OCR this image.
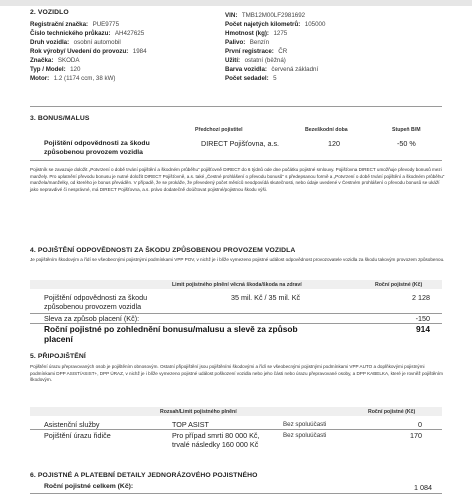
2. VOZIDLO
Registrační značka: PUE9775
Číslo technického průkazu: AH427625
Druh vozidla: osobní automobil
Rok výroby/ Uvedení do provozu: 1984
Značka: SKODA
Typ / Model: 120
Motor: 1.2 (1174 ccm, 38 kW)
VIN: TMB12M00LF2981692
Počet najetých kilometrů: 105000
Hmotnost (kg): 1275
Palivo: Benzín
První registrace: ČR
Užití: ostatní (běžná)
Barva vozidla: červená základní
Počet sedadel: 5
3. BONUS/MALUS
Předchozí pojistitel	Bezeškodní doba	Stupeň B/M
Pojištění odpovědnosti za škodu
způsobenou provozem vozidla
DIRECT Pojišťovna, a.s.	120	-50 %
Pojistník se zavazuje doložit „Potvrzení o době trvání pojištění a škodném průběhu“ pojišťovně DIRECT do 6 týdnů ode dne počátku pojistné smlouvy. Pojišťovna DIRECT umožňuje převody bonusů mezi manžely. Pro uplatnění převodu bonusu je nutné doložit DIRECT Pojišťovně, a.s. také „Čestné prohlášení o převodu bonusů“ s předepsanou formě a „Potvrzení o době trvání pojištění a škodném průběhu“ manžela/manželky, od kterého je bonus převáděn. V případě, že se prokáže, že převedený počet měsíců neodpovídá skutečnosti, nebo údaje uvedené v Čestném prohlášení o převodu bonusů se ukáží jako nepravdivé či nesprávné, má DIRECT Pojišťovna, a.s. právo dodatečně doúčtovat pojistné/pojistnou škodu výši.
4. POJIŠTĚNÍ ODPOVĚDNOSTI ZA ŠKODU ZPŮSOBENOU PROVOZEM VOZIDLA
Je pojištěním škodovým a řídí se všeobecnými pojistnými podmínkami VPP POV, v nichž je i blíže vymezeno pojistné událost odpovědnost provozovatele vozidla za škodu takovým provozem způsobenou.
Limit pojistného plnění věcná škoda/škoda na zdraví	Roční pojistné (Kč)
Pojištění odpovědnosti za škodu
způsobenou provozem vozidla
35 mil. Kč / 35 mil. Kč	2 128
Sleva za způsob placení (Kč):	-150
Roční pojistné po zohlednění bonusu/malusu a slevě za způsob
placení
914
5. PŘIPOJIŠTĚNÍ
Pojištění úrazu přepravovaných osob je pojištěním obnosovým. Ostatní připojištění jsou pojištěními škodovými a řídí se všeobecnými pojistnými podmínkami VPP AUTO a doplňkovými pojistnými podmínkami DPP ASIST/ASIST+, DPP ÚRAZ, v nichž je i blíže vymezeno pojistné událost poškození vozidla nebo jeho části nebo úrazu přepravované osoby, a DPP KABELKA, které je rovněž pojištěním škodovým.
Rozsah/Limit pojistného plnění	Roční pojistné (Kč)
Asistenční služby	TOP ASIST	Bez spoluúčasti	0
Pojištění úrazu řidiče	Pro případ smrti 80 000 Kč,
trvalé následky 160 000 Kč
Bez spoluúčasti	170
6. POJISTNÉ A PLATEBNÍ DETAILY JEDNORÁZOVÉHO POJISTNÉHO
Roční pojistné celkem (Kč):	1 084
